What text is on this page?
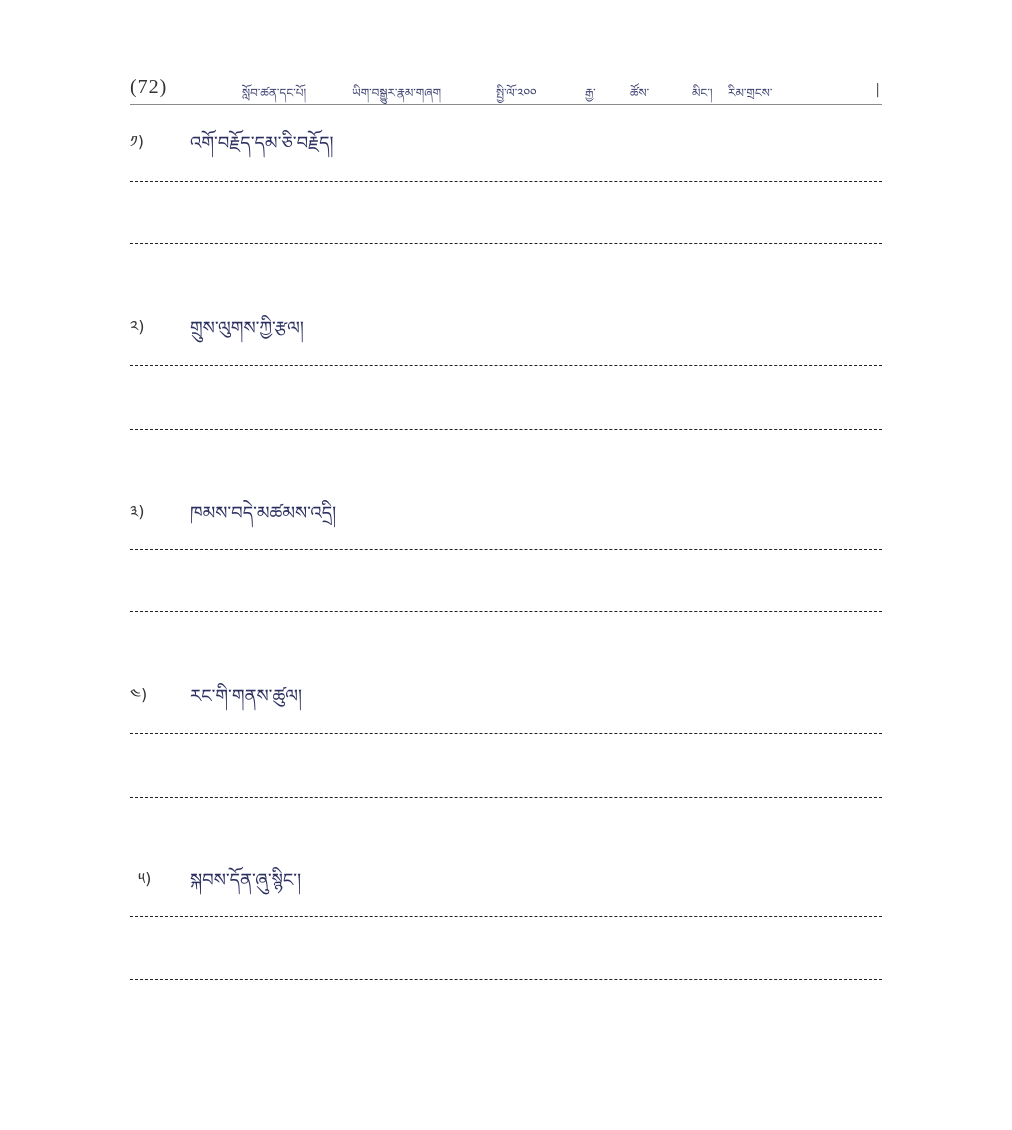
(72)	སློབ་ཚན་དང་པོ།	ཡིག་བསྒྱུར་རྣམ་གཞག	སྤྱི་ལོ་༢༠༠	རྒྱ་	ཚོས་	མིང་། རིམ་གྲངས་	|
༡)	འགོ་བརྗོད་དམ་ཅི་བརྗོད།
༢)	གྲུས་ལུགས་ཀྱི་རྩལ།
༣)	ཁམས་བདེ་མཚམས་འདྲི།
༤) རང་གི་གནས་ཚུལ།
༥) སྐབས་དོན་ཞུ་སྙིང་།
